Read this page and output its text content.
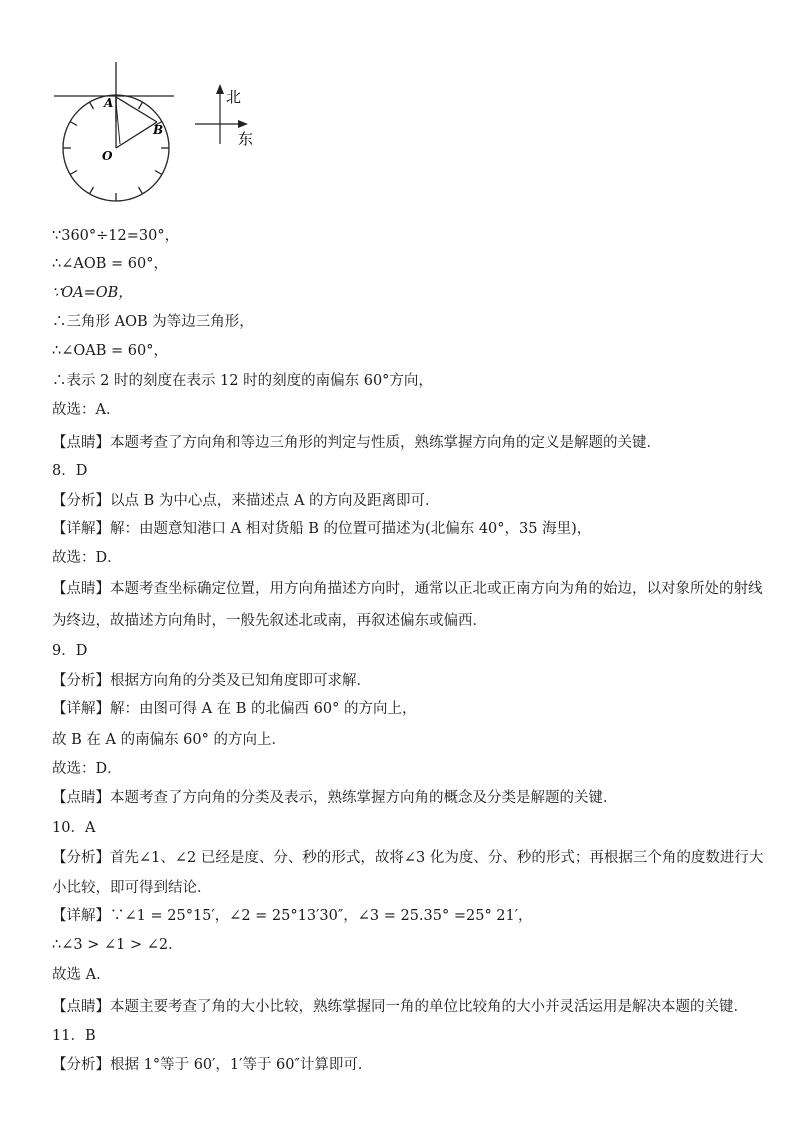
A
B
O
北
东
∵360°÷12=30°，
∴∠AOB = 60°，
∵OA=OB，
∴三角形 AOB 为等边三角形，
∴∠OAB = 60°，
∴表示 2 时的刻度在表示 12 时的刻度的南偏东 60°方向，
故选：A．
【点睛】本题考查了方向角和等边三角形的判定与性质，熟练掌握方向角的定义是解题的关键．
8．D
【分析】以点 B 为中心点，来描述点 A 的方向及距离即可．
【详解】解：由题意知港口 A 相对货船 B 的位置可描述为(北偏东 40°，35 海里)，
故选：D．
【点睛】本题考查坐标确定位置，用方向角描述方向时，通常以正北或正南方向为角的始边，以对象所处的射线
为终边，故描述方向角时，一般先叙述北或南，再叙述偏东或偏西．
9．D
【分析】根据方向角的分类及已知角度即可求解．
【详解】解：由图可得 A 在 B 的北偏西 60° 的方向上，
故 B 在 A 的南偏东 60° 的方向上．
故选：D．
【点睛】本题考查了方向角的分类及表示，熟练掌握方向角的概念及分类是解题的关键．
10．A
【分析】首先∠1、∠2 已经是度、分、秒的形式，故将∠3 化为度、分、秒的形式；再根据三个角的度数进行大
小比较，即可得到结论．
【详解】∵∠1 = 25°15′，∠2 = 25°13′30″，∠3 = 25.35° =25° 21′，
∴∠3 > ∠1 > ∠2．
故选 A．
【点睛】本题主要考查了角的大小比较，熟练掌握同一角的单位比较角的大小并灵活运用是解决本题的关键．
11．B
【分析】根据 1°等于 60′，1′等于 60″计算即可．
